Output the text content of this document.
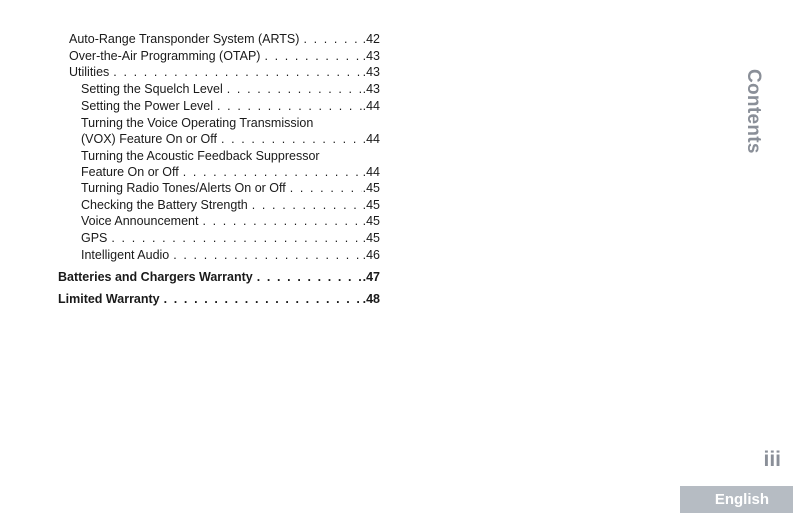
Auto-Range Transponder System (ARTS) . . .	.42
Over-the-Air Programming (OTAP) . . .	.43
Utilities . . .	.43
Setting the Squelch Level . . .	.43
Setting the Power Level . . .	.44
Turning the Voice Operating Transmission
(VOX) Feature On or Off . . .	.44
Turning the Acoustic Feedback Suppressor
Feature On or Off . . .	.44
Turning Radio Tones/Alerts On or Off . . .	.45
Checking the Battery Strength . . .	.45
Voice Announcement . . .	.45
GPS . . .	.45
Intelligent Audio . . .	.46
Batteries and Chargers Warranty . . .	.47
Limited Warranty . . .	.48
Contents
iii
English
